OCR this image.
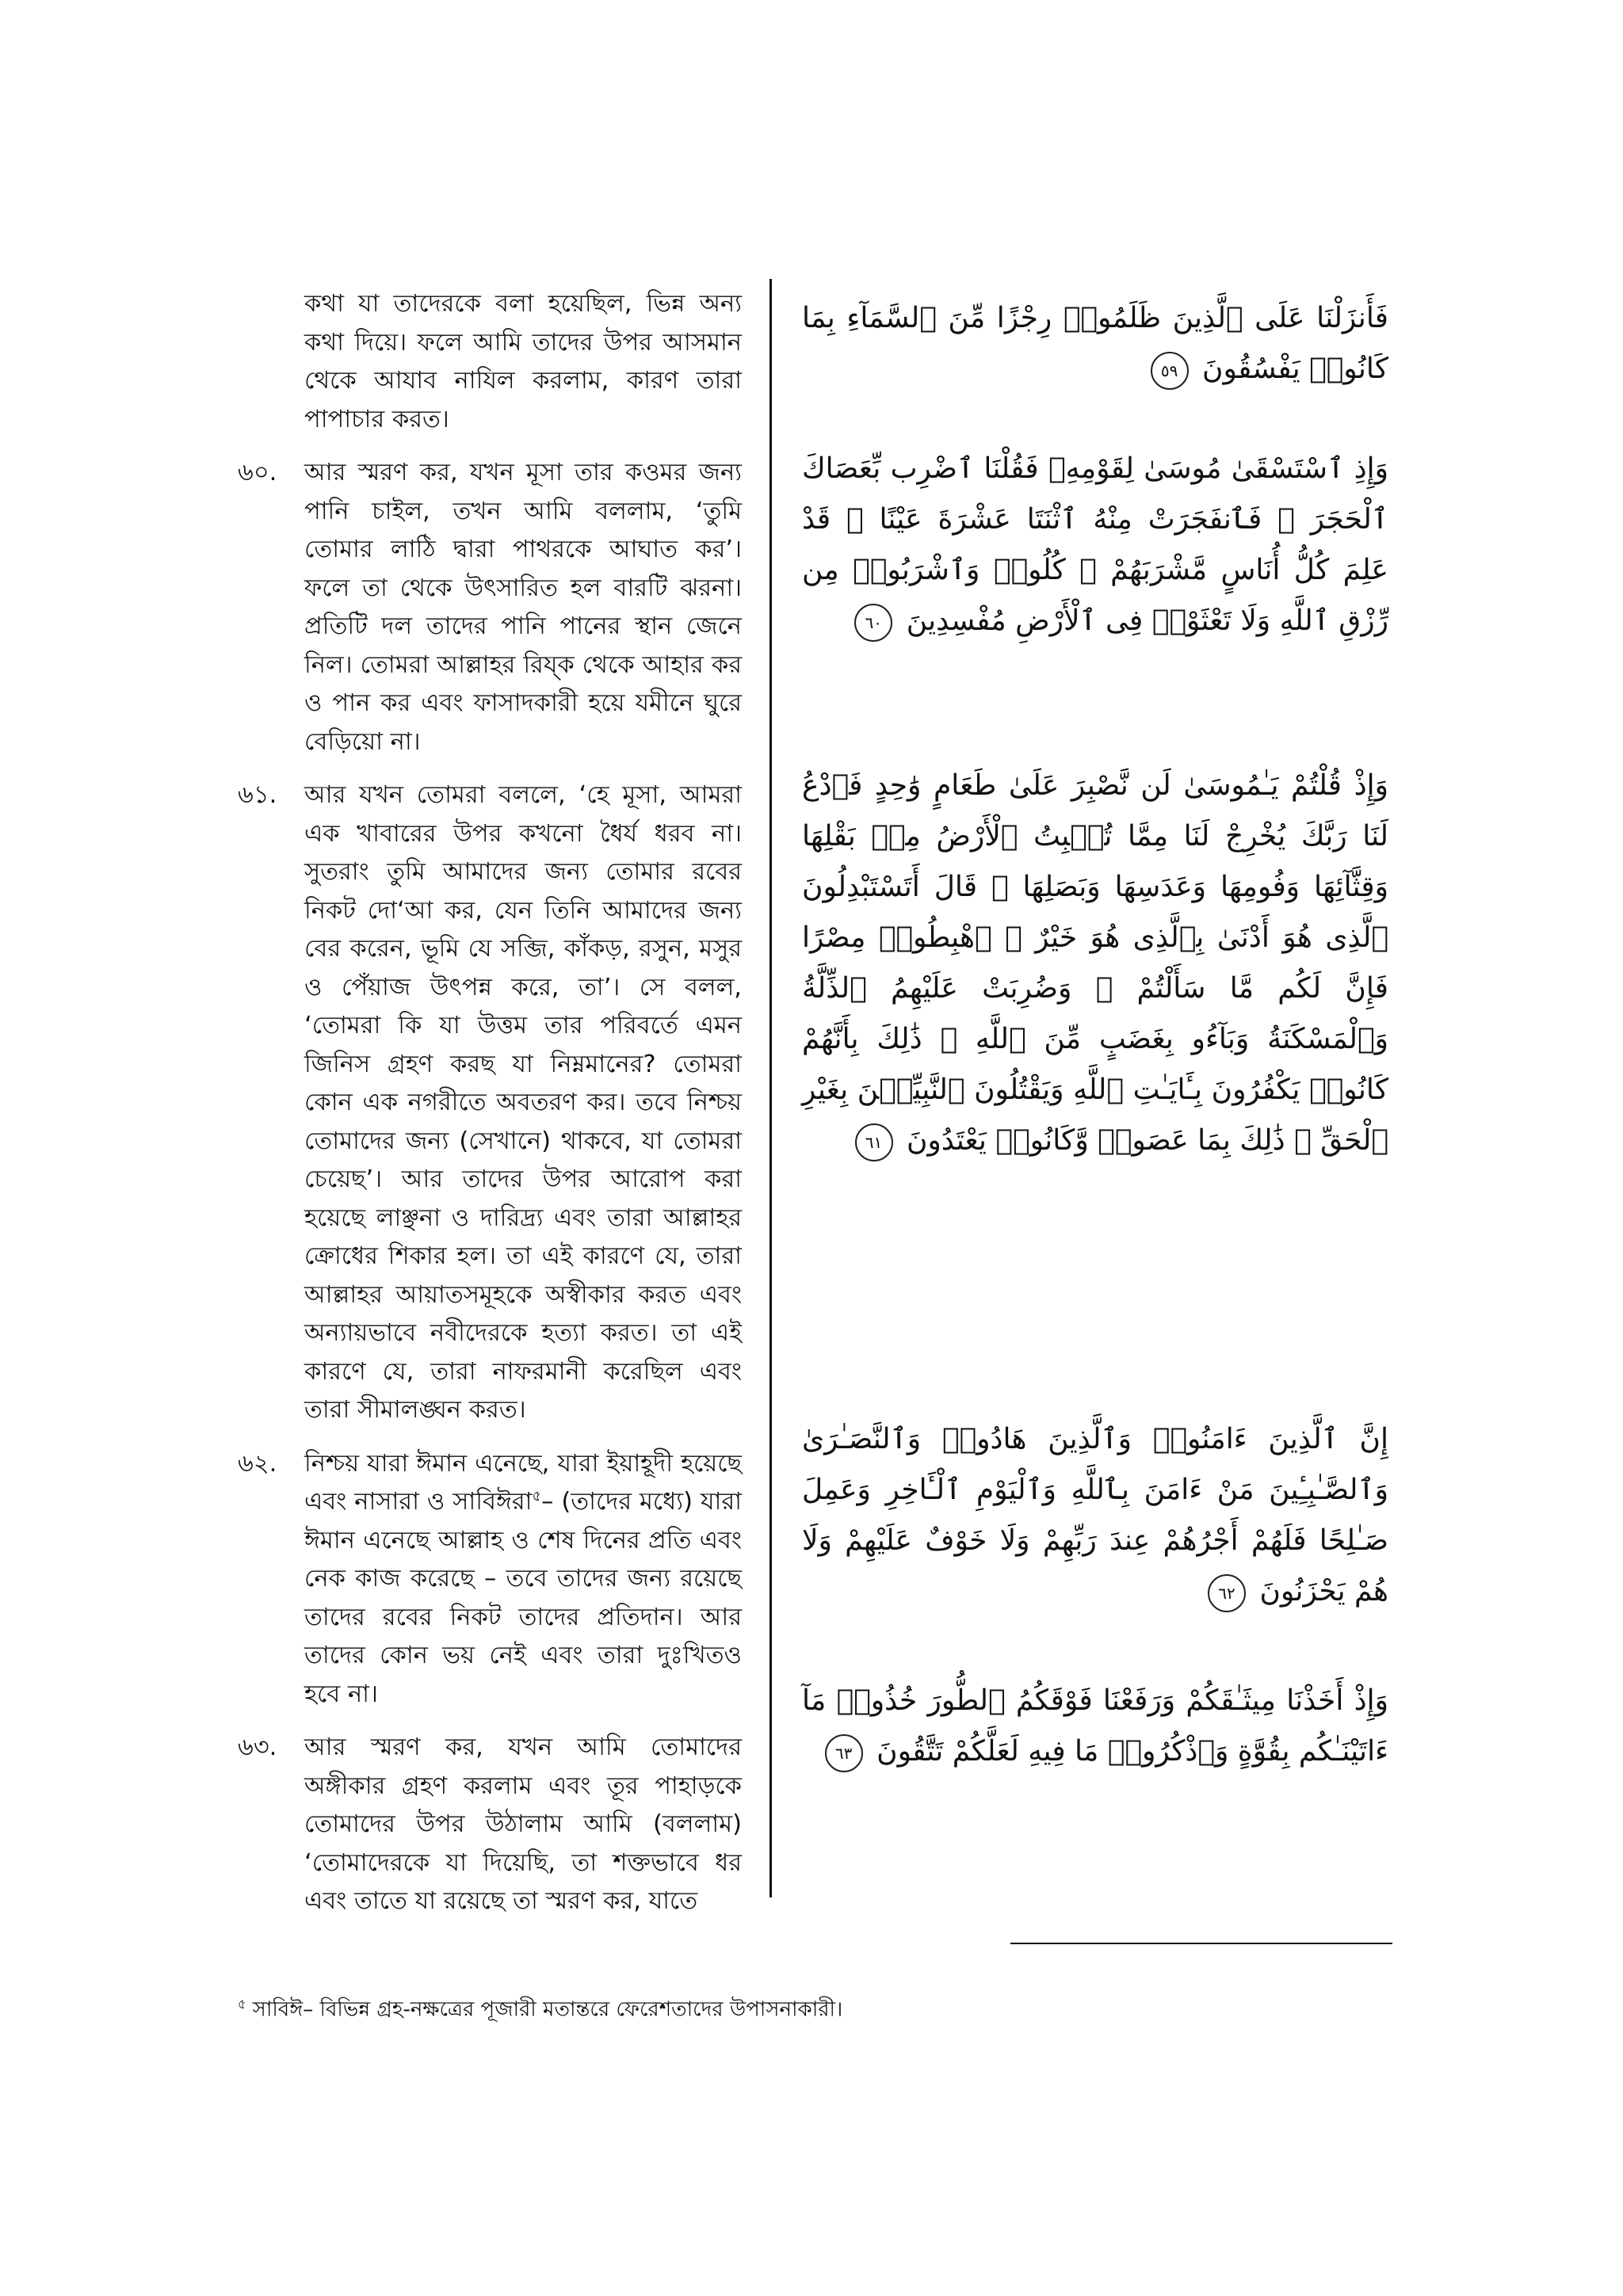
কথা যা তাদেরকে বলা হয়েছিল, ভিন্ন অন্য কথা দিয়ে। ফলে আমি তাদের উপর আসমান থেকে আযাব নাযিল করলাম, কারণ তারা পাপাচার করত।

৬০. আর স্মরণ কর, যখন মূসা তার কওমর জন্য পানি চাইল, তখন আমি বললাম, ‘তুমি তোমার লাঠি দ্বারা পাথরকে আঘাত কর’। ফলে তা থেকে উৎসারিত হল বারটি ঝরনা। প্রতিটি দল তাদের পানি পানের স্থান জেনে নিল। তোমরা আল্লাহর রিয্ক থেকে আহার কর ও পান কর এবং ফাসাদকারী হয়ে যমীনে ঘুরে বেড়িয়ো না।

৬১. আর যখন তোমরা বললে, ‘হে মূসা, আমরা এক খাবারের উপর কখনো ধৈর্য ধরব না। সুতরাং তুমি আমাদের জন্য তোমার রবের নিকট দো‘আ কর, যেন তিনি আমাদের জন্য বের করেন, ভূমি যে সব্জি, কাঁকড়, রসুন, মসুর ও পেঁয়াজ উৎপন্ন করে, তা’। সে বলল, ‘তোমরা কি যা উত্তম তার পরিবর্তে এমন জিনিস গ্রহণ করছ যা নিম্নমানের? তোমরা কোন এক নগরীতে অবতরণ কর। তবে নিশ্চয় তোমাদের জন্য (সেখানে) থাকবে, যা তোমরা চেয়েছ’। আর তাদের উপর আরোপ করা হয়েছে লাঞ্ছনা ও দারিদ্র্য এবং তারা আল্লাহর ক্রোধের শিকার হল। তা এই কারণে যে, তারা আল্লাহর আয়াতসমূহকে অস্বীকার করত এবং অন্যায়ভাবে নবীদেরকে হত্যা করত। তা এই কারণে যে, তারা নাফরমানী করেছিল এবং তারা সীমালঙ্ঘন করত।

৬২. নিশ্চয় যারা ঈমান এনেছে, যারা ইয়াহূদী হয়েছে এবং নাসারা ও সাবিঈরা$^৫$– (তাদের মধ্যে) যারা ঈমান এনেছে আল্লাহ ও শেষ দিনের প্রতি এবং নেক কাজ করেছে – তবে তাদের জন্য রয়েছে তাদের রবের নিকট তাদের প্রতিদান। আর তাদের কোন ভয় নেই এবং তারা দুঃখিতও হবে না।

৬৩. আর স্মরণ কর, যখন আমি তোমাদের অঙ্গীকার গ্রহণ করলাম এবং তূর পাহাড়কে তোমাদের উপর উঠালাম আমি (বললাম) ‘তোমাদেরকে যা দিয়েছি, তা শক্তভাবে ধর এবং তাতে যা রয়েছে তা স্মরণ কর, যাতে

فَأَنزَلْنَا عَلَى ٱلَّذِينَ ظَلَمُوا۟ رِجْزًا مِّنَ ٱلسَّمَآءِ بِمَا كَانُوا۟ يَفْسُقُونَ ٥٩

وَإِذِ ٱسْتَسْقَىٰ مُوسَىٰ لِقَوْمِهِۦ فَقُلْنَا ٱضْرِب بِّعَصَاكَ ٱلْحَجَرَ ۖ فَٱنفَجَرَتْ مِنْهُ ٱثْنَتَا عَشْرَةَ عَيْنًا ۖ قَدْ عَلِمَ كُلُّ أُنَاسٍ مَّشْرَبَهُمْ ۖ كُلُوا۟ وَٱشْرَبُوا۟ مِن رِّزْقِ ٱللَّهِ وَلَا تَعْثَوْا۟ فِى ٱلْأَرْضِ مُفْسِدِينَ ٦٠

وَإِذْ قُلْتُمْ يَـٰمُوسَىٰ لَن نَّصْبِرَ عَلَىٰ طَعَامٍ وَٰحِدٍ فَٱدْعُ لَنَا رَبَّكَ يُخْرِجْ لَنَا مِمَّا تُنۢبِتُ ٱلْأَرْضُ مِنۢ بَقْلِهَا وَقِثَّآئِهَا وَفُومِهَا وَعَدَسِهَا وَبَصَلِهَا ۖ قَالَ أَتَسْتَبْدِلُونَ ٱلَّذِى هُوَ أَدْنَىٰ بِٱلَّذِى هُوَ خَيْرٌ ۚ ٱهْبِطُوا۟ مِصْرًا فَإِنَّ لَكُم مَّا سَأَلْتُمْ ۗ وَضُرِبَتْ عَلَيْهِمُ ٱلذِّلَّةُ وَٱلْمَسْكَنَةُ وَبَآءُو بِغَضَبٍ مِّنَ ٱللَّهِ ۗ ذَٰلِكَ بِأَنَّهُمْ كَانُوا۟ يَكْفُرُونَ بِـَٔايَـٰتِ ٱللَّهِ وَيَقْتُلُونَ ٱلنَّبِيِّـۧنَ بِغَيْرِ ٱلْحَقِّ ۗ ذَٰلِكَ بِمَا عَصَوا۟ وَّكَانُوا۟ يَعْتَدُونَ ٦١

إِنَّ ٱلَّذِينَ ءَامَنُوا۟ وَٱلَّذِينَ هَادُوا۟ وَٱلنَّصَـٰرَىٰ وَٱلصَّـٰبِـِٔينَ مَنْ ءَامَنَ بِٱللَّهِ وَٱلْيَوْمِ ٱلْـَٔاخِرِ وَعَمِلَ صَـٰلِحًا فَلَهُمْ أَجْرُهُمْ عِندَ رَبِّهِمْ وَلَا خَوْفٌ عَلَيْهِمْ وَلَا هُمْ يَحْزَنُونَ ٦٢

وَإِذْ أَخَذْنَا مِيثَـٰقَكُمْ وَرَفَعْنَا فَوْقَكُمُ ٱلطُّورَ خُذُوا۟ مَآ ءَاتَيْنَـٰكُم بِقُوَّةٍ وَٱذْكُرُوا۟ مَا فِيهِ لَعَلَّكُمْ تَتَّقُونَ ٦٣

$^৫$ সাবিঈ– বিভিন্ন গ্রহ-নক্ষত্রের পূজারী মতান্তরে ফেরেশতাদের উপাসনাকারী।
